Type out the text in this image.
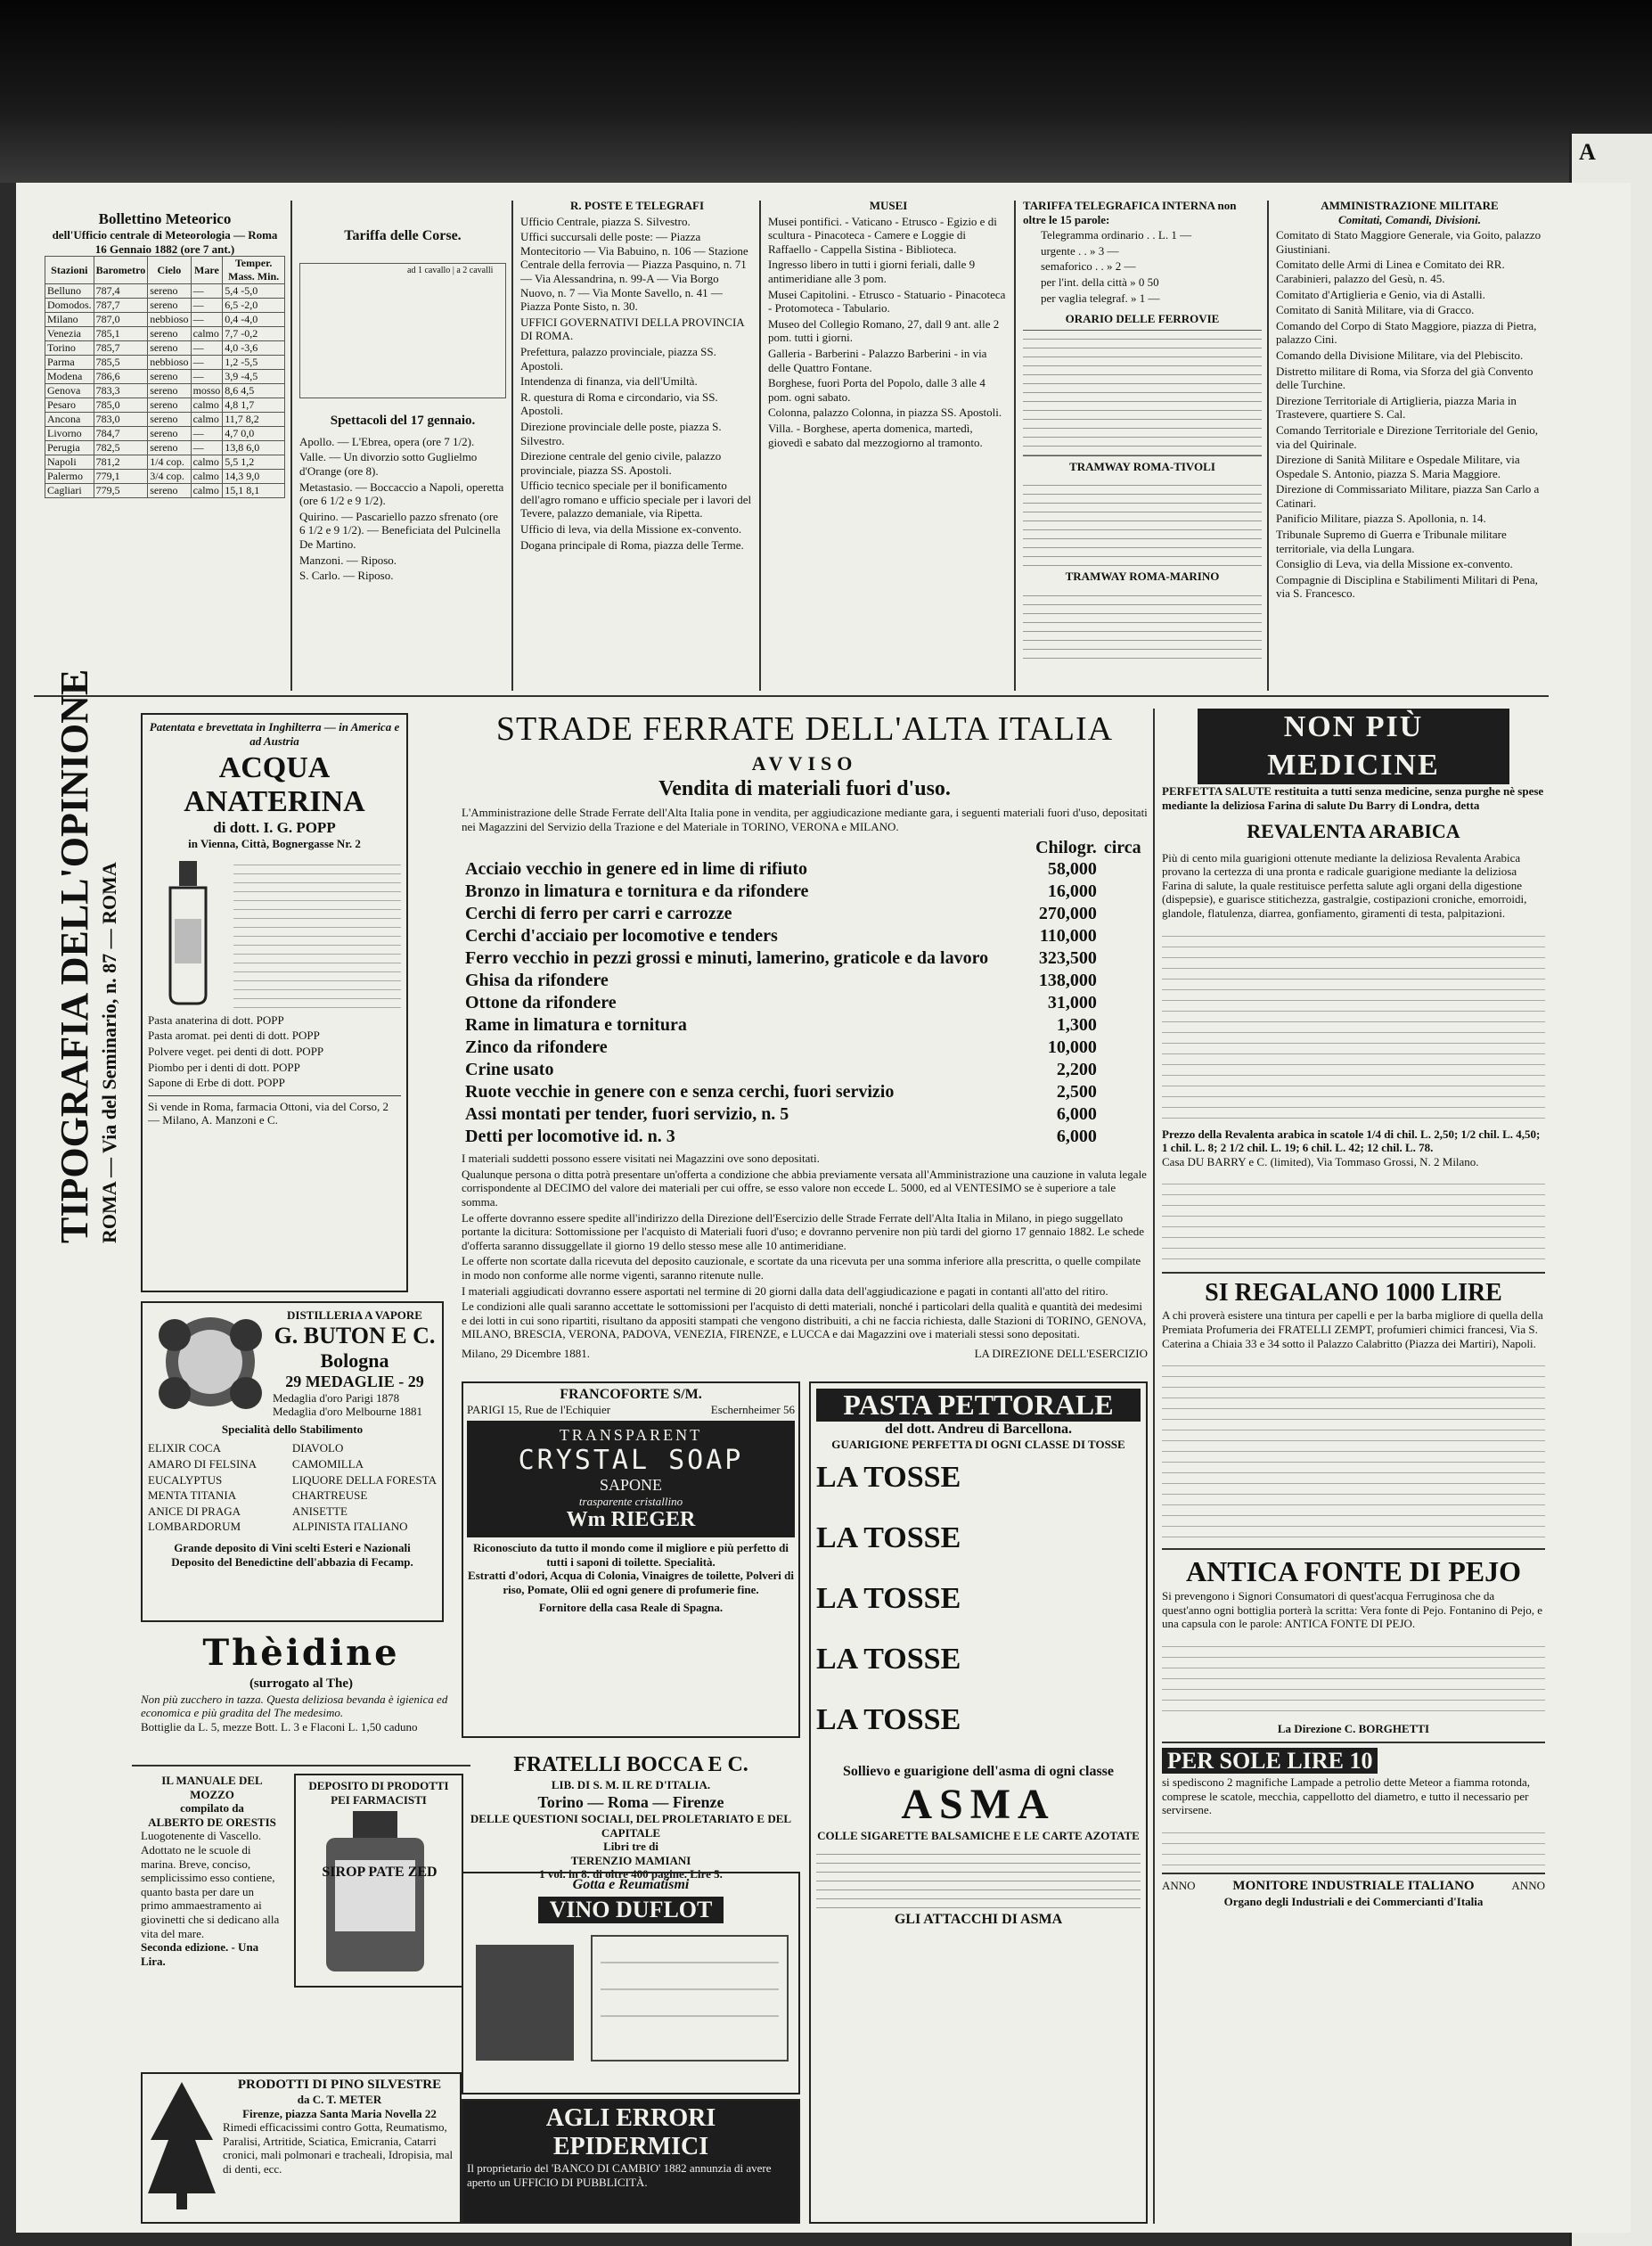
A
Bollettino Meteorico
dell'Ufficio centrale di Meteorologia — Roma
16 Gennaio 1882 (ore 7 ant.)
Stazioni	Barometro	Cielo	Mare	Temper. Mass. Min.
Belluno	787,4	sereno	—	5,4 -5,0
Domodos.	787,7	sereno	—	6,5 -2,0
Milano	787,0	nebbioso	—	0,4 -4,0
Venezia	785,1	sereno	calmo	7,7 -0,2
Torino	785,7	sereno	—	4,0 -3,6
Parma	785,5	nebbioso	—	1,2 -5,5
Modena	786,6	sereno	—	3,9 -4,5
Genova	783,3	sereno	mosso	8,6 4,5
Pesaro	785,0	sereno	calmo	4,8 1,7
Ancona	783,0	sereno	calmo	11,7 8,2
Livorno	784,7	sereno	—	4,7 0,0
Perugia	782,5	sereno	—	13,8 6,0
Napoli	781,2	1/4 cop.	calmo	5,5 1,2
Palermo	779,1	3/4 cop.	calmo	14,3 9,0
Cagliari	779,5	sereno	calmo	15,1 8,1
Tariffa delle Corse.
ad 1 cavallo | a 2 cavalli
Spettacoli del 17 gennaio.

Apollo. — L'Ebrea, opera (ore 7 1/2).

Valle. — Un divorzio sotto Guglielmo d'Orange (ore 8).

Metastasio. — Boccaccio a Napoli, operetta (ore 6 1/2 e 9 1/2).

Quirino. — Pascariello pazzo sfrenato (ore 6 1/2 e 9 1/2). — Beneficiata del Pulcinella De Martino.

Manzoni. — Riposo.

S. Carlo. — Riposo.

R. POSTE E TELEGRAFI

Ufficio Centrale, piazza S. Silvestro.

Uffici succursali delle poste: — Piazza Montecitorio — Via Babuino, n. 106 — Stazione Centrale della ferrovia — Piazza Pasquino, n. 71 — Via Alessandrina, n. 99-A — Via Borgo Nuovo, n. 7 — Via Monte Savello, n. 41 — Piazza Ponte Sisto, n. 30.

UFFICI GOVERNATIVI DELLA PROVINCIA DI ROMA.

Prefettura, palazzo provinciale, piazza SS. Apostoli.

Intendenza di finanza, via dell'Umiltà.

R. questura di Roma e circondario, via SS. Apostoli.

Direzione provinciale delle poste, piazza S. Silvestro.

Direzione centrale del genio civile, palazzo provinciale, piazza SS. Apostoli.

Ufficio tecnico speciale per il bonificamento dell'agro romano e ufficio speciale per i lavori del Tevere, palazzo demaniale, via Ripetta.

Ufficio di leva, via della Missione ex-convento.

Dogana principale di Roma, piazza delle Terme.

MUSEI

Musei pontifici. - Vaticano - Etrusco - Egizio e di scultura - Pinacoteca - Camere e Loggie di Raffaello - Cappella Sistina - Biblioteca.

Ingresso libero in tutti i giorni feriali, dalle 9 antimeridiane alle 3 pom.

Musei Capitolini. - Etrusco - Statuario - Pinacoteca - Protomoteca - Tabulario.

Museo del Collegio Romano, 27, dall 9 ant. alle 2 pom. tutti i giorni.

Galleria - Barberini - Palazzo Barberini - in via delle Quattro Fontane.

Borghese, fuori Porta del Popolo, dalle 3 alle 4 pom. ogni sabato.

Colonna, palazzo Colonna, in piazza SS. Apostoli.

Villa. - Borghese, aperta domenica, martedì, giovedì e sabato dal mezzogiorno al tramonto.

TARIFFA TELEGRAFICA INTERNA non oltre le 15 parole:

Telegramma ordinario . . L. 1 —

urgente . . » 3 —

semaforico . . » 2 —

per l'int. della città » 0 50

per vaglia telegraf. » 1 —

ORARIO DELLE FERROVIE
TRAMWAY ROMA-TIVOLI
TRAMWAY ROMA-MARINO
AMMINISTRAZIONE MILITARE
Comitati, Comandi, Divisioni.

Comitato di Stato Maggiore Generale, via Goito, palazzo Giustiniani.

Comitato delle Armi di Linea e Comitato dei RR. Carabinieri, palazzo del Gesù, n. 45.

Comitato d'Artiglieria e Genio, via di Astalli.

Comitato di Sanità Militare, via di Gracco.

Comando del Corpo di Stato Maggiore, piazza di Pietra, palazzo Cini.

Comando della Divisione Militare, via del Plebiscito.

Distretto militare di Roma, via Sforza del già Convento delle Turchine.

Direzione Territoriale di Artiglieria, piazza Maria in Trastevere, quartiere S. Cal.

Comando Territoriale e Direzione Territoriale del Genio, via del Quirinale.

Direzione di Sanità Militare e Ospedale Militare, via Ospedale S. Antonio, piazza S. Maria Maggiore.

Direzione di Commissariato Militare, piazza San Carlo a Catinari.

Panificio Militare, piazza S. Apollonia, n. 14.

Tribunale Supremo di Guerra e Tribunale militare territoriale, via della Lungara.

Consiglio di Leva, via della Missione ex-convento.

Compagnie di Disciplina e Stabilimenti Militari di Pena, via S. Francesco.

TIPOGRAFIA DELL'OPINIONE ROMA — Via del Seminario, n. 87 — ROMA
Patentata e brevettata in Inghilterra — in America e ad Austria
ACQUA ANATERINA
di dott. I. G. POPP
in Vienna, Città, Bognergasse Nr. 2

Pasta anaterina di dott. POPP

Pasta aromat. pei denti di dott. POPP

Polvere veget. pei denti di dott. POPP

Piombo per i denti di dott. POPP

Sapone di Erbe di dott. POPP

Si vende in Roma, farmacia Ottoni, via del Corso, 2 — Milano, A. Manzoni e C.
DISTILLERIA A VAPORE
G. BUTON E C.
Bologna
29 MEDAGLIE - 29
Medaglia d'oro Parigi 1878
Medaglia d'oro Melbourne 1881
Specialità dello Stabilimento

ELIXIR COCA

AMARO DI FELSINA

EUCALYPTUS

MENTA TITANIA

ANICE DI PRAGA

LOMBARDORUM

DIAVOLO

CAMOMILLA

LIQUORE DELLA FORESTA

CHARTREUSE

ANISETTE

ALPINISTA ITALIANO

Grande deposito di Vini scelti Esteri e Nazionali
Deposito del Benedictine dell'abbazia di Fecamp.
Thèidine
(surrogato al The)
Non più zucchero in tazza. Questa deliziosa bevanda è igienica ed economica e più gradita del The medesimo.
Bottiglie da L. 5, mezze Bott. L. 3 e Flaconi L. 1,50 caduno
IL MANUALE DEL MOZZO
compilato da
ALBERTO DE ORESTIS
Luogotenente di Vascello. Adottato ne le scuole di marina. Breve, conciso, semplicissimo esso contiene, quanto basta per dare un primo ammaestramento ai giovinetti che si dedicano alla vita del mare.
Seconda edizione. - Una Lira.
DEPOSITO DI PRODOTTI PEI FARMACISTI
SIROP PATE ZED
PRODOTTI DI PINO SILVESTRE
da C. T. METER
Firenze, piazza Santa Maria Novella 22
Rimedi efficacissimi contro Gotta, Reumatismo, Paralisi, Artritide, Sciatica, Emicrania, Catarri cronici, mali polmonari e tracheali, Idropisia, mal di denti, ecc.
STRADE FERRATE DELL'ALTA ITALIA
AVVISO
Vendita di materiali fuori d'uso.
L'Amministrazione delle Strade Ferrate dell'Alta Italia pone in vendita, per aggiudicazione mediante gara, i seguenti materiali fuori d'uso, depositati nei Magazzini del Servizio della Trazione e del Materiale in TORINO, VERONA e MILANO.
	Chilogr.	circa
Acciaio vecchio in genere ed in lime di rifiuto	58,000	
Bronzo in limatura e tornitura e da rifondere	16,000	
Cerchi di ferro per carri e carrozze	270,000	
Cerchi d'acciaio per locomotive e tenders	110,000	
Ferro vecchio in pezzi grossi e minuti, lamerino, graticole e da lavoro	323,500	
Ghisa da rifondere	138,000	
Ottone da rifondere	31,000	
Rame in limatura e tornitura	1,300	
Zinco da rifondere	10,000	
Crine usato	2,200	
Ruote vecchie in genere con e senza cerchi, fuori servizio	2,500	
Assi montati per tender, fuori servizio, n. 5	6,000	
Detti per locomotive id. n. 3	6,000	

I materiali suddetti possono essere visitati nei Magazzini ove sono depositati.

Qualunque persona o ditta potrà presentare un'offerta a condizione che abbia previamente versata all'Amministrazione una cauzione in valuta legale corrispondente al DECIMO del valore dei materiali per cui offre, se esso valore non eccede L. 5000, ed al VENTESIMO se è superiore a tale somma.

Le offerte dovranno essere spedite all'indirizzo della Direzione dell'Esercizio delle Strade Ferrate dell'Alta Italia in Milano, in piego suggellato portante la dicitura: Sottomissione per l'acquisto di Materiali fuori d'uso; e dovranno pervenire non più tardi del giorno 17 gennaio 1882. Le schede d'offerta saranno dissuggellate il giorno 19 dello stesso mese alle 10 antimeridiane.

Le offerte non scortate dalla ricevuta del deposito cauzionale, e scortate da una ricevuta per una somma inferiore alla prescritta, o quelle compilate in modo non conforme alle norme vigenti, saranno ritenute nulle.

I materiali aggiudicati dovranno essere asportati nel termine di 20 giorni dalla data dell'aggiudicazione e pagati in contanti all'atto del ritiro.

Le condizioni alle quali saranno accettate le sottomissioni per l'acquisto di detti materiali, nonché i particolari della qualità e quantità dei medesimi e dei lotti in cui sono ripartiti, risultano da appositi stampati che vengono distribuiti, a chi ne faccia richiesta, dalle Stazioni di TORINO, GENOVA, MILANO, BRESCIA, VERONA, PADOVA, VENEZIA, FIRENZE, e LUCCA e dai Magazzini ove i materiali stessi sono depositati.

Milano, 29 Dicembre 1881.	LA DIREZIONE DELL'ESERCIZIO
FRANCOFORTE S/M.
PARIGI 15, Rue de l'Echiquier	Eschernheimer 56
TRANSPARENT
CRYSTAL SOAP
SAPONE
trasparente cristallino
Wm RIEGER
Riconosciuto da tutto il mondo come il migliore e più perfetto di tutti i saponi di toilette. Specialità.
Estratti d'odori, Acqua di Colonia, Vinaigres de toilette, Polveri di riso, Pomate, Olii ed ogni genere di profumerie fine.
Fornitore della casa Reale di Spagna.
FRATELLI BOCCA E C.
LIB. DI S. M. IL RE D'ITALIA.
Torino — Roma — Firenze
DELLE QUESTIONI SOCIALI, DEL PROLETARIATO E DEL CAPITALE
Libri tre di
TERENZIO MAMIANI
1 vol. in 8. di oltre 400 pagine. Lire 5.
Gotta e Reumatismi
VINO DUFLOT
AGLI ERRORI EPIDERMICI
Il proprietario del 'BANCO DI CAMBIO' 1882 annunzia di avere aperto un UFFICIO DI PUBBLICITÀ.
PASTA PETTORALE
del dott. Andreu di Barcellona.
GUARIGIONE PERFETTA DI OGNI CLASSE DI TOSSE
LA TOSSE
LA TOSSE
LA TOSSE
LA TOSSE
LA TOSSE
Sollievo e guarigione dell'asma di ogni classe
ASMA
COLLE SIGARETTE BALSAMICHE E LE CARTE AZOTATE
GLI ATTACCHI DI ASMA
NON PIÙ MEDICINE
PERFETTA SALUTE restituita a tutti senza medicine, senza purghe nè spese mediante la deliziosa Farina di salute Du Barry di Londra, detta
REVALENTA ARABICA
Più di cento mila guarigioni ottenute mediante la deliziosa Revalenta Arabica provano la certezza di una pronta e radicale guarigione mediante la deliziosa Farina di salute, la quale restituisce perfetta salute agli organi della digestione (dispepsie), e guarisce stitichezza, gastralgie, costipazioni croniche, emorroidi, glandole, flatulenza, diarrea, gonfiamento, giramenti di testa, palpitazioni.
Prezzo della Revalenta arabica in scatole 1/4 di chil. L. 2,50; 1/2 chil. L. 4,50; 1 chil. L. 8; 2 1/2 chil. L. 19; 6 chil. L. 42; 12 chil. L. 78.
Casa DU BARRY e C. (limited), Via Tommaso Grossi, N. 2 Milano.
SI REGALANO 1000 LIRE
A chi proverà esistere una tintura per capelli e per la barba migliore di quella della Premiata Profumeria dei FRATELLI ZEMPT, profumieri chimici francesi, Via S. Caterina a Chiaia 33 e 34 sotto il Palazzo Calabritto (Piazza dei Martiri), Napoli.
ANTICA FONTE DI PEJO
Si prevengono i Signori Consumatori di quest'acqua Ferruginosa che da quest'anno ogni bottiglia porterà la scritta: Vera fonte di Pejo. Fontanino di Pejo, e una capsula con le parole: ANTICA FONTE DI PEJO.
La Direzione C. BORGHETTI
PER SOLE LIRE 10
si spediscono 2 magnifiche Lampade a petrolio dette Meteor a fiamma rotonda, comprese le scatole, mecchia, cappellotto del diametro, e tutto il necessario per servirsene.
ANNO	MONITORE INDUSTRIALE ITALIANO	ANNO
Organo degli Industriali e dei Commercianti d'Italia
